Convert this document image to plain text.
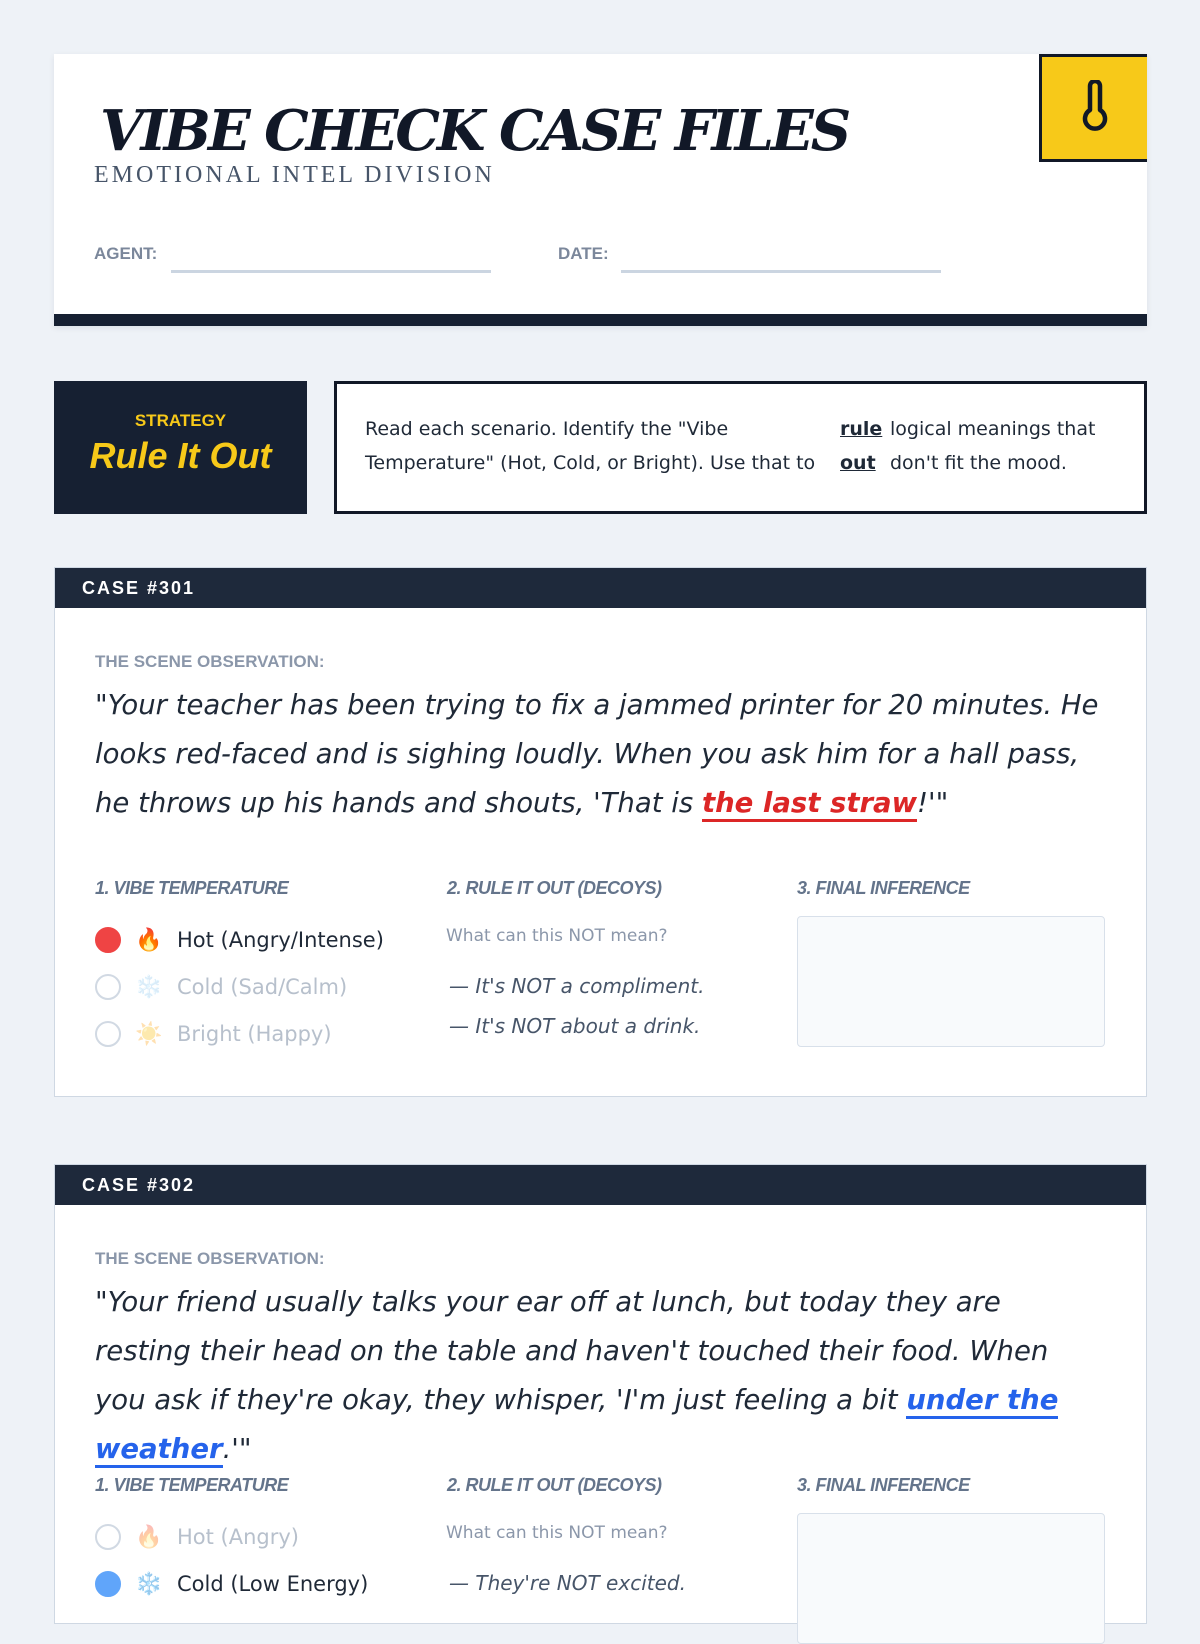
VIBE CHECK CASE FILES
EMOTIONAL INTEL DIVISION
AGENT:	DATE:
STRATEGY
Rule It Out
Read each scenario. Identify the "Vibe
Temperature" (Hot, Cold, or Bright). Use that to
rule
out
logical meanings that
don't fit the mood.
CASE #301
THE SCENE OBSERVATION:

"Your teacher has been trying to fix a jammed printer for 20 minutes. He looks red-faced and is sighing loudly. When you ask him for a hall pass, he throws up his hands and shouts, 'That is the last straw!'"

1. VIBE TEMPERATURE	2. RULE IT OUT (DECOYS)	3. FINAL INFERENCE
🔥 Hot (Angry/Intense)
❄️ Cold (Sad/Calm)
☀️ Bright (Happy)
What can this NOT mean?
— It's NOT a compliment.
— It's NOT about a drink.
CASE #302
THE SCENE OBSERVATION:

"Your friend usually talks your ear off at lunch, but today they are resting their head on the table and haven't touched their food. When you ask if they're okay, they whisper, 'I'm just feeling a bit under the weather.'"

1. VIBE TEMPERATURE	2. RULE IT OUT (DECOYS)	3. FINAL INFERENCE
🔥 Hot (Angry)
❄️ Cold (Low Energy)
What can this NOT mean?
— They're NOT excited.
